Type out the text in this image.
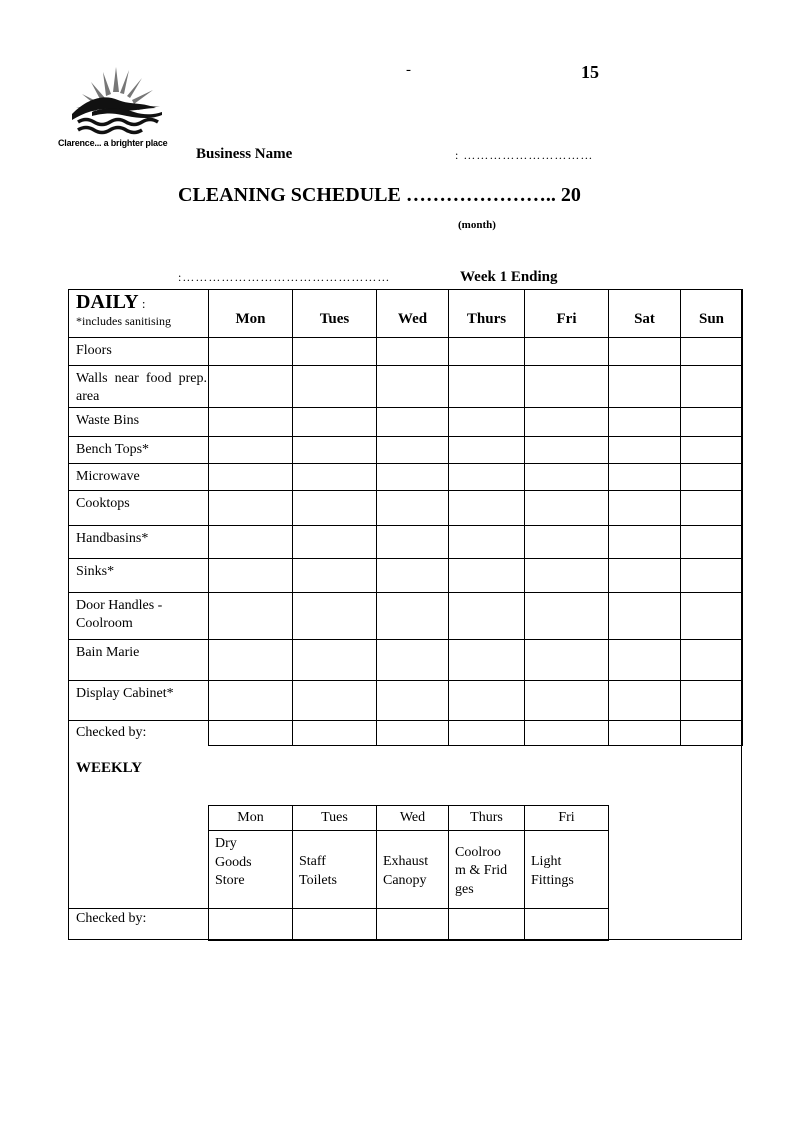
Clarence... a brighter place
-	15
Business Name	: …………………………
CLEANING SCHEDULE ………………….. 20
(month)
:…………………………………………	Week 1 Ending
DAILY :
*includes sanitising	Mon	Tues	Wed	Thurs	Fri	Sat	Sun
Floors							
Walls near food prep. area							
Waste Bins							
Bench Tops*							
Microwave							
Cooktops							
Handbasins*							
Sinks*							
Door Handles - Coolroom							
Bain Marie							
Display Cabinet*							
Checked by:							
WEEKLY
Mon	Tues	Wed	Thurs	Fri

Dry Goods Store	Staff Toilets	Exhaust Canopy	Coolroo m & Fridges	Light Fittings

Checked by:
